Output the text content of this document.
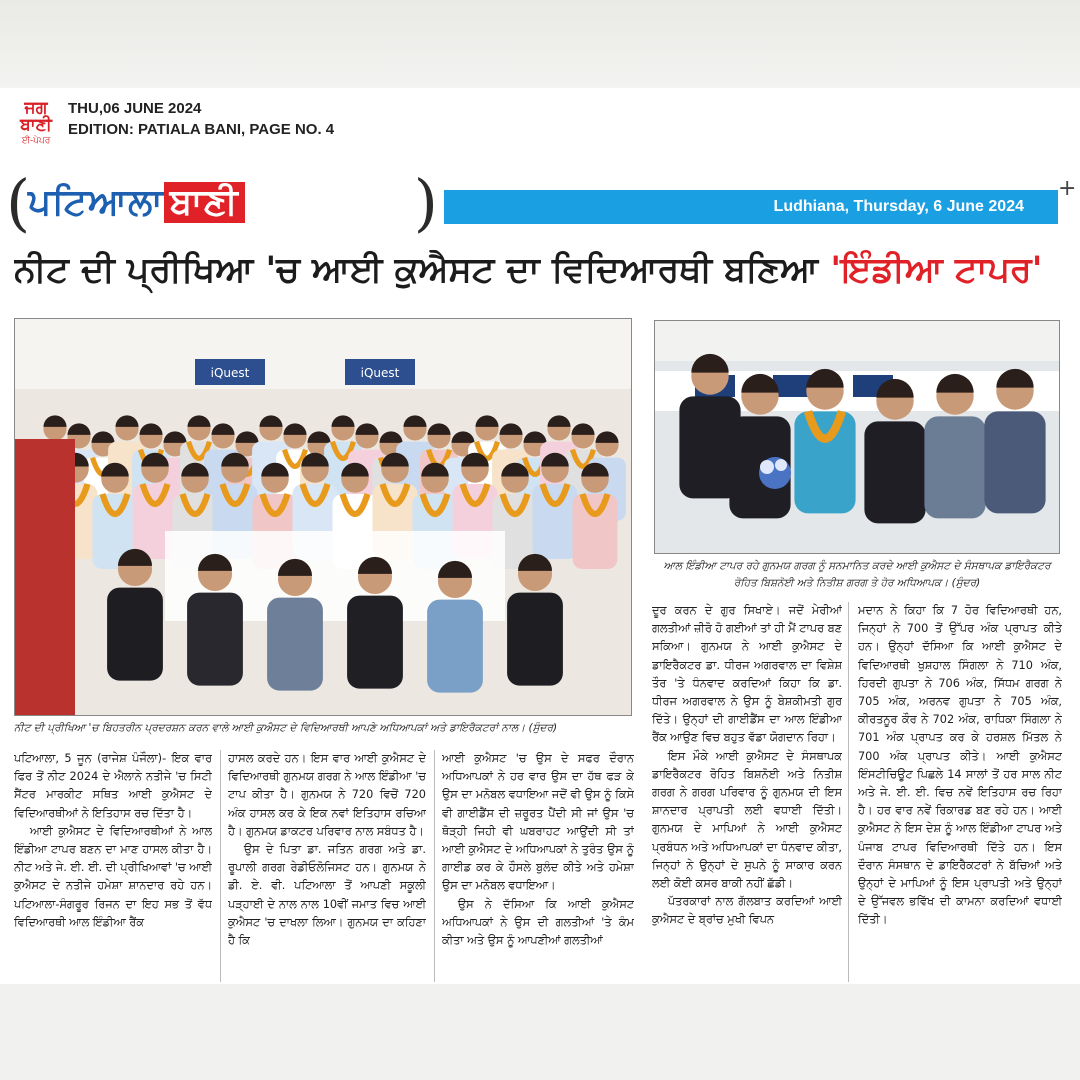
ਜਗ ਬਾਣੀ
ਈ-ਪੇਪਰ
THU,06 JUNE 2024
EDITION: PATIALA BANI, PAGE NO. 4
(
ਪਟਿਆਲਾ ਬਾਣੀ	)	Ludhiana, Thursday, 6 June 2024
+
ਨੀਟ ਦੀ ਪ੍ਰੀਖਿਆ 'ਚ ਆਈ ਕੁਐਸਟ ਦਾ ਵਿਦਿਆਰਥੀ ਬਣਿਆ 'ਇੰਡੀਆ ਟਾਪਰ'
iQuest	iQuest
ਨੀਟ ਦੀ ਪ੍ਰੀਖਿਆ 'ਚ ਬਿਹਤਰੀਨ ਪ੍ਰਦਰਸ਼ਨ ਕਰਨ ਵਾਲੇ ਆਈ ਕੁਐਸਟ ਦੇ ਵਿਦਿਆਰਥੀ ਆਪਣੇ ਅਧਿਆਪਕਾਂ ਅਤੇ ਡਾਇਰੈਕਟਰਾਂ ਨਾਲ। (ਸੁੰਦਰ)
ਆਲ ਇੰਡੀਆ ਟਾਪਰ ਰਹੇ ਗੁਨਮਯ ਗਰਗ ਨੂੰ ਸਨਮਾਨਿਤ ਕਰਦੇ ਆਈ ਕੁਐਸਟ ਦੇ ਸੰਸਥਾਪਕ ਡਾਇਰੈਕਟਰ ਰੋਹਿਤ ਬਿਸ਼ਨੋਈ ਅਤੇ ਨਿਤੀਸ਼ ਗਰਗ ਤੇ ਹੋਰ ਅਧਿਆਪਕ। (ਸੁੰਦਰ)

ਪਟਿਆਲਾ, 5 ਜੂਨ (ਰਾਜੇਸ਼ ਪੰਜੌਲਾ)- ਇਕ ਵਾਰ ਫਿਰ ਤੋਂ ਨੀਟ 2024 ਦੇ ਐਲਾਨੇ ਨਤੀਜੇ 'ਚ ਸਿਟੀ ਸੈਂਟਰ ਮਾਰਕੀਟ ਸਥਿਤ ਆਈ ਕੁਐਸਟ ਦੇ ਵਿਦਿਆਰਥੀਆਂ ਨੇ ਇਤਿਹਾਸ ਰਚ ਦਿੱਤਾ ਹੈ।

ਆਈ ਕੁਐਸਟ ਦੇ ਵਿਦਿਆਰਥੀਆਂ ਨੇ ਆਲ ਇੰਡੀਆ ਟਾਪਰ ਬਣਨ ਦਾ ਮਾਣ ਹਾਸਲ ਕੀਤਾ ਹੈ। ਨੀਟ ਅਤੇ ਜੇ. ਈ. ਈ. ਦੀ ਪ੍ਰੀਖਿਆਵਾਂ 'ਚ ਆਈ ਕੁਐਸਟ ਦੇ ਨਤੀਜੇ ਹਮੇਸ਼ਾ ਸ਼ਾਨਦਾਰ ਰਹੇ ਹਨ। ਪਟਿਆਲਾ-ਸੰਗਰੂਰ ਰਿਜਨ ਦਾ ਇਹ ਸਭ ਤੋਂ ਵੱਧ ਵਿਦਿਆਰਥੀ ਆਲ ਇੰਡੀਆ ਰੈਂਕ

ਹਾਸਲ ਕਰਦੇ ਹਨ। ਇਸ ਵਾਰ ਆਈ ਕੁਐਸਟ ਦੇ ਵਿਦਿਆਰਥੀ ਗੁਨਮਯ ਗਰਗ ਨੇ ਆਲ ਇੰਡੀਆ 'ਚ ਟਾਪ ਕੀਤਾ ਹੈ। ਗੁਨਮਯ ਨੇ 720 ਵਿਚੋਂ 720 ਅੰਕ ਹਾਸਲ ਕਰ ਕੇ ਇਕ ਨਵਾਂ ਇਤਿਹਾਸ ਰਚਿਆ ਹੈ। ਗੁਨਮਯ ਡਾਕਟਰ ਪਰਿਵਾਰ ਨਾਲ ਸਬੰਧਤ ਹੈ।

ਉਸ ਦੇ ਪਿਤਾ ਡਾ. ਜਤਿਨ ਗਰਗ ਅਤੇ ਡਾ. ਰੂਪਾਲੀ ਗਰਗ ਰੇਡੀਓਲੋਜਿਸਟ ਹਨ। ਗੁਨਮਯ ਨੇ ਡੀ. ਏ. ਵੀ. ਪਟਿਆਲਾ ਤੋਂ ਆਪਣੀ ਸਕੂਲੀ ਪੜ੍ਹਾਈ ਦੇ ਨਾਲ ਨਾਲ 10ਵੀਂ ਜਮਾਤ ਵਿਚ ਆਈ ਕੁਐਸਟ 'ਚ ਦਾਖਲਾ ਲਿਆ। ਗੁਨਮਯ ਦਾ ਕਹਿਣਾ ਹੈ ਕਿ

ਆਈ ਕੁਐਸਟ 'ਚ ਉਸ ਦੇ ਸਫਰ ਦੌਰਾਨ ਅਧਿਆਪਕਾਂ ਨੇ ਹਰ ਵਾਰ ਉਸ ਦਾ ਹੱਥ ਫੜ ਕੇ ਉਸ ਦਾ ਮਨੋਬਲ ਵਧਾਇਆ ਜਦੋਂ ਵੀ ਉਸ ਨੂੰ ਕਿਸੇ ਵੀ ਗਾਈਡੈਂਸ ਦੀ ਜ਼ਰੂਰਤ ਪੈਂਦੀ ਸੀ ਜਾਂ ਉਸ 'ਚ ਥੋੜ੍ਹੀ ਜਿਹੀ ਵੀ ਘਬਰਾਹਟ ਆਉਂਦੀ ਸੀ ਤਾਂ ਆਈ ਕੁਐਸਟ ਦੇ ਅਧਿਆਪਕਾਂ ਨੇ ਤੁਰੰਤ ਉਸ ਨੂੰ ਗਾਈਡ ਕਰ ਕੇ ਹੌਸਲੇ ਬੁਲੰਦ ਕੀਤੇ ਅਤੇ ਹਮੇਸ਼ਾ ਉਸ ਦਾ ਮਨੋਬਲ ਵਧਾਇਆ।

ਉਸ ਨੇ ਦੱਸਿਆ ਕਿ ਆਈ ਕੁਐਸਟ ਅਧਿਆਪਕਾਂ ਨੇ ਉਸ ਦੀ ਗਲਤੀਆਂ 'ਤੇ ਕੰਮ ਕੀਤਾ ਅਤੇ ਉਸ ਨੂੰ ਆਪਣੀਆਂ ਗਲਤੀਆਂ

ਦੂਰ ਕਰਨ ਦੇ ਗੁਰ ਸਿਖਾਏ। ਜਦੋਂ ਮੇਰੀਆਂ ਗਲਤੀਆਂ ਜ਼ੀਰੋ ਹੋ ਗਈਆਂ ਤਾਂ ਹੀ ਮੈਂ ਟਾਪਰ ਬਣ ਸਕਿਆ। ਗੁਨਮਯ ਨੇ ਆਈ ਕੁਐਸਟ ਦੇ ਡਾਇਰੈਕਟਰ ਡਾ. ਧੀਰਜ ਅਗਰਵਾਲ ਦਾ ਵਿਸ਼ੇਸ਼ ਤੌਰ 'ਤੇ ਧੰਨਵਾਦ ਕਰਦਿਆਂ ਕਿਹਾ ਕਿ ਡਾ. ਧੀਰਜ ਅਗਰਵਾਲ ਨੇ ਉਸ ਨੂੰ ਬੇਸ਼ਕੀਮਤੀ ਗੁਰ ਦਿੱਤੇ। ਉਨ੍ਹਾਂ ਦੀ ਗਾਈਡੈਂਸ ਦਾ ਆਲ ਇੰਡੀਆ ਰੈਂਕ ਆਉਣ ਵਿਚ ਬਹੁਤ ਵੱਡਾ ਯੋਗਦਾਨ ਰਿਹਾ।

ਇਸ ਮੌਕੇ ਆਈ ਕੁਐਸਟ ਦੇ ਸੰਸਥਾਪਕ ਡਾਇਰੈਕਟਰ ਰੋਹਿਤ ਬਿਸ਼ਨੋਈ ਅਤੇ ਨਿਤੀਸ਼ ਗਰਗ ਨੇ ਗਰਗ ਪਰਿਵਾਰ ਨੂੰ ਗੁਨਮਯ ਦੀ ਇਸ ਸ਼ਾਨਦਾਰ ਪ੍ਰਾਪਤੀ ਲਈ ਵਧਾਈ ਦਿੱਤੀ। ਗੁਨਮਯ ਦੇ ਮਾਪਿਆਂ ਨੇ ਆਈ ਕੁਐਸਟ ਪ੍ਰਬੰਧਨ ਅਤੇ ਅਧਿਆਪਕਾਂ ਦਾ ਧੰਨਵਾਦ ਕੀਤਾ, ਜਿਨ੍ਹਾਂ ਨੇ ਉਨ੍ਹਾਂ ਦੇ ਸੁਪਨੇ ਨੂੰ ਸਾਕਾਰ ਕਰਨ ਲਈ ਕੋਈ ਕਸਰ ਬਾਕੀ ਨਹੀਂ ਛੱਡੀ।

ਪੱਤਰਕਾਰਾਂ ਨਾਲ ਗੱਲਬਾਤ ਕਰਦਿਆਂ ਆਈ ਕੁਐਸਟ ਦੇ ਬ੍ਰਾਂਚ ਮੁਖੀ ਵਿਪਨ

ਮਦਾਨ ਨੇ ਕਿਹਾ ਕਿ 7 ਹੋਰ ਵਿਦਿਆਰਥੀ ਹਨ, ਜਿਨ੍ਹਾਂ ਨੇ 700 ਤੋਂ ਉੱਪਰ ਅੰਕ ਪ੍ਰਾਪਤ ਕੀਤੇ ਹਨ। ਉਨ੍ਹਾਂ ਦੱਸਿਆ ਕਿ ਆਈ ਕੁਐਸਟ ਦੇ ਵਿਦਿਆਰਥੀ ਖੁਸ਼ਹਾਲ ਸਿੰਗਲਾ ਨੇ 710 ਅੰਕ, ਹਿਰਦੀ ਗੁਪਤਾ ਨੇ 706 ਅੰਕ, ਸਿੱਧਮ ਗਰਗ ਨੇ 705 ਅੰਕ, ਅਰਨਵ ਗੁਪਤਾ ਨੇ 705 ਅੰਕ, ਕੀਰਤਨੂਰ ਕੌਰ ਨੇ 702 ਅੰਕ, ਰਾਧਿਕਾ ਸਿੰਗਲਾ ਨੇ 701 ਅੰਕ ਪ੍ਰਾਪਤ ਕਰ ਕੇ ਹਰਸ਼ਲ ਮਿੱਤਲ ਨੇ 700 ਅੰਕ ਪ੍ਰਾਪਤ ਕੀਤੇ। ਆਈ ਕੁਐਸਟ ਇੰਸਟੀਚਿਊਟ ਪਿਛਲੇ 14 ਸਾਲਾਂ ਤੋਂ ਹਰ ਸਾਲ ਨੀਟ ਅਤੇ ਜੇ. ਈ. ਈ. ਵਿਚ ਨਵੇਂ ਇਤਿਹਾਸ ਰਚ ਰਿਹਾ ਹੈ। ਹਰ ਵਾਰ ਨਵੇਂ ਰਿਕਾਰਡ ਬਣ ਰਹੇ ਹਨ। ਆਈ ਕੁਐਸਟ ਨੇ ਇਸ ਦੇਸ਼ ਨੂੰ ਆਲ ਇੰਡੀਆ ਟਾਪਰ ਅਤੇ ਪੰਜਾਬ ਟਾਪਰ ਵਿਦਿਆਰਥੀ ਦਿੱਤੇ ਹਨ। ਇਸ ਦੌਰਾਨ ਸੰਸਥਾਨ ਦੇ ਡਾਇਰੈਕਟਰਾਂ ਨੇ ਬੱਚਿਆਂ ਅਤੇ ਉਨ੍ਹਾਂ ਦੇ ਮਾਪਿਆਂ ਨੂੰ ਇਸ ਪ੍ਰਾਪਤੀ ਅਤੇ ਉਨ੍ਹਾਂ ਦੇ ਉੱਜਵਲ ਭਵਿੱਖ ਦੀ ਕਾਮਨਾ ਕਰਦਿਆਂ ਵਧਾਈ ਦਿੱਤੀ।
